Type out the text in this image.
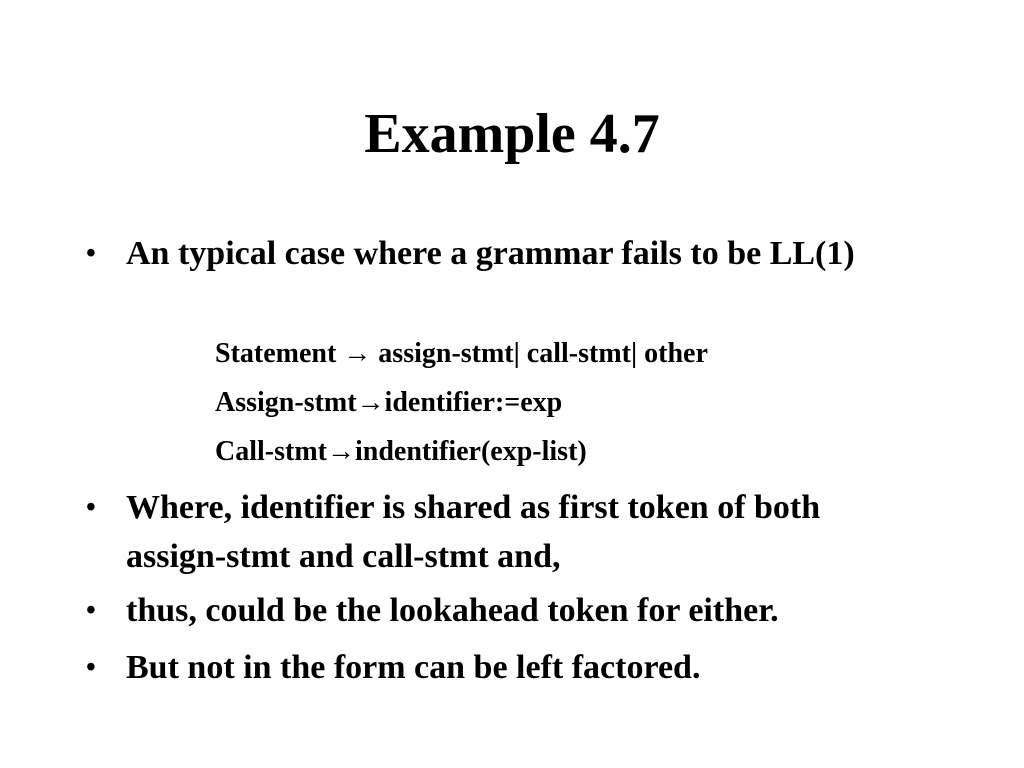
Example 4.7
• An typical case where a grammar fails to be LL(1)
Statement → assign-stmt| call-stmt| other
Assign-stmt→identifier:=exp
Call-stmt→indentifier(exp-list)
• Where, identifier is shared as first token of both assign-stmt and call-stmt and,
• thus, could be the lookahead token for either.
• But not in the form can be left factored.
